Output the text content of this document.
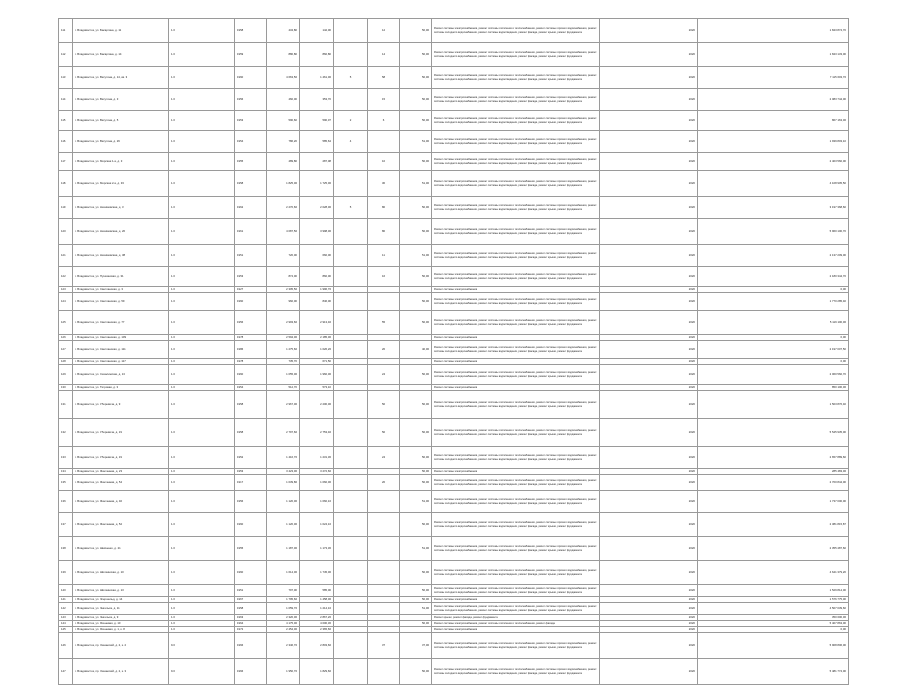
111	г. Владивосток, ул. Басаргина, д. 11	1.0	1958	434,80	142,00		12	50,00	Ремонт системы электроснабжения, ремонт системы отопления и теплоснабжения, ремонт системы горячего водоснабжения, ремонт системы холодного водоснабжения, ремонт системы водоотведения, ремонт фасада, ремонт крыши, ремонт фундамента	2020	1 843 874,70
112	г. Владивосток, ул. Басаргина, д. 14	1.0	1959	880,80	860,80		14	50,00	Ремонт системы электроснабжения, ремонт системы отопления и теплоснабжения, ремонт системы горячего водоснабжения, ремонт системы холодного водоснабжения, ремонт системы водоотведения, ремонт фасада, ремонт крыши, ремонт фундамента	2020	1 843 133,00
113	г. Владивосток, ул. Ватутина, д. 14, кв. 3	1.0	1960	4 663,50	1 461,00	5	58	50,00	Ремонт системы электроснабжения, ремонт системы отопления и теплоснабжения, ремонт системы горячего водоснабжения, ремонт системы холодного водоснабжения, ремонт системы водоотведения, ремонт фасада, ремонт крыши, ремонт фундамента	2020	7 115 603,70
114	г. Владивосток, ул. Ватутина, д. 3	1.0	1956	460,00	353,70		15	50,00	Ремонт системы электроснабжения, ремонт системы отопления и теплоснабжения, ремонт системы горячего водоснабжения, ремонт системы холодного водоснабжения, ремонт системы водоотведения, ремонт фасада, ремонт крыши, ремонт фундамента	2020	2 083 744,00
115	г. Владивосток, ул. Ватутина, д. 5	1.0	1953	590,60	590,07	2	6	50,00	Ремонт системы электроснабжения, ремонт системы отопления и теплоснабжения, ремонт системы горячего водоснабжения, ремонт системы холодного водоснабжения, ремонт системы водоотведения, ремонт фасада, ремонт крыши, ремонт фундамента	2020	867 163,00
116	г. Владивосток, ул. Ватутина, д. 26	1.0	1954	786,20	585,64	4		51,00	Ремонт системы электроснабжения, ремонт системы отопления и теплоснабжения, ремонт системы горячего водоснабжения, ремонт системы холодного водоснабжения, ремонт системы водоотведения, ремонт фасада, ремонт крыши, ремонт фундамента	2020	1 939 803,10
117	г. Владивосток, ул. Морская 1-я, д. 3	1.0	1955	489,80	287,08		10	50,00	Ремонт системы электроснабжения, ремонт системы отопления и теплоснабжения, ремонт системы горячего водоснабжения, ремонт системы холодного водоснабжения, ремонт системы водоотведения, ремонт фасада, ремонт крыши, ремонт фундамента	2020	2 403 560,00
118	г. Владивосток, ул. Морская 2-я, д. 33	1.0	1958	1 825,00	1 725,00		30	51,00	Ремонт системы электроснабжения, ремонт системы отопления и теплоснабжения, ремонт системы горячего водоснабжения, ремонт системы холодного водоснабжения, ремонт системы водоотведения, ремонт фасада, ремонт крыши, ремонт фундамента	2020	4 108 905,50
119	г. Владивосток, ул. Нахимовская, д. 3	1.0	1962	2 270,60	2 028,00	5	80	50,00	Ремонт системы электроснабжения, ремонт системы отопления и теплоснабжения, ремонт системы горячего водоснабжения, ремонт системы холодного водоснабжения, ремонт системы водоотведения, ремонт фасада, ремонт крыши, ремонт фундамента	2020	3 197 368,60
120	г. Владивосток, ул. Нахимовская, д. 20	1.0	1961	4 087,50	3 998,00		80	50,00	Ремонт системы электроснабжения, ремонт системы отопления и теплоснабжения, ремонт системы горячего водоснабжения, ремонт системы холодного водоснабжения, ремонт системы водоотведения, ремонт фасада, ремонт крыши, ремонт фундамента	2020	5 960 100,70
121	г. Владивосток, ул. Нахимовская, д. 38	1.0	1951	720,00	660,00		11	51,00	Ремонт системы электроснабжения, ремонт системы отопления и теплоснабжения, ремонт системы горячего водоснабжения, ремонт системы холодного водоснабжения, ремонт системы водоотведения, ремонт фасада, ремонт крыши, ремонт фундамента	2020	2 137 209,00
122	г. Владивосток, ул. Пушкинская, д. 31	1.0	1953	874,00	860,00		16	50,00	Ремонт системы электроснабжения, ремонт системы отопления и теплоснабжения, ремонт системы горячего водоснабжения, ремонт системы холодного водоснабжения, ремонт системы водоотведения, ремонт фасада, ремонт крыши, ремонт фундамента	2020	2 180 344,70
123	г. Владивосток, ул. Светланская, д. 3	1.0	1927	2 305,50	1 996,70				Ремонт системы электроснабжения	2020	0,00
124	г. Владивосток, ул. Светланская, д. 59	1.0	1960	960,00	846,00			50,00	Ремонт системы электроснабжения, ремонт системы отопления и теплоснабжения, ремонт системы горячего водоснабжения, ремонт системы холодного водоснабжения, ремонт системы водоотведения, ремонт фасада, ремонт крыши, ремонт фундамента	2020	1 770 285,40
125	г. Владивосток, ул. Светланская, д. 77	1.0	1956	2 993,60	2 913,40		55	50,00	Ремонт системы электроснабжения, ремонт системы отопления и теплоснабжения, ремонт системы горячего водоснабжения, ремонт системы холодного водоснабжения, ремонт системы водоотведения, ремонт фасада, ремонт крыши, ремонт фундамента	2020	5 119 100,00
126	г. Владивосток, ул. Светланская, д. 109	1.0	1978	2 594,00	2 185,00				Ремонт системы электроснабжения	2020	0,00
127	г. Владивосток, ул. Светланская, д. 111	1.0	1986	1 275,60	1 026,20		20	40,00	Ремонт системы электроснабжения, ремонт системы отопления и теплоснабжения, ремонт системы горячего водоснабжения, ремонт системы холодного водоснабжения, ремонт системы водоотведения, ремонт фасада, ремонт крыши, ремонт фундамента	2020	2 197 007,50
128	г. Владивосток, ул. Светланская, д. 117	1.0	1978	735,70	671,50				Ремонт системы электроснабжения	2020	0,00
129	г. Владивосток, ул. Сахалинская, д. 13	1.0	1960	1 055,00	1 960,00		24	50,00	Ремонт системы электроснабжения, ремонт системы отопления и теплоснабжения, ремонт системы горячего водоснабжения, ремонт системы холодного водоснабжения, ремонт системы водоотведения, ремонт фасада, ремонт крыши, ремонт фундамента	2020	2 060 560,70
130	г. Владивосток, ул. Тигровая, д. 3	1.0	1954	512,70	573,10				Ремонт системы электроснабжения	2020	850 100,00
131	г. Владивосток, ул. Уборевича, д. 9	1.0	1958	2 967,00	2 200,00		50	50,00	Ремонт системы электроснабжения, ремонт системы отопления и теплоснабжения, ремонт системы горячего водоснабжения, ремонт системы холодного водоснабжения, ремонт системы водоотведения, ремонт фасада, ремонт крыши, ремонт фундамента	2020	1 503 876,40
132	г. Владивосток, ул. Уборевича, д. 19	1.0	1958	2 797,60	2 753,40		50	50,00	Ремонт системы электроснабжения, ремонт системы отопления и теплоснабжения, ремонт системы горячего водоснабжения, ремонт системы холодного водоснабжения, ремонт системы водоотведения, ремонт фасада, ремонт крыши, ремонт фундамента	2020	5 545 935,00
133	г. Владивосток, ул. Уборевича, д. 19	1.0	1952	1 416,70	1 231,30		24	50,00	Ремонт системы электроснабжения, ремонт системы отопления и теплоснабжения, ремонт системы горячего водоснабжения, ремонт системы холодного водоснабжения, ремонт системы водоотведения, ремонт фасада, ремонт крыши, ремонт фундамента	2020	2 657 889,60
134	г. Владивосток, ул. Фонтанная, д. 23	1.0	1953	3 423,00	3 272,60			50,00	Ремонт системы электроснабжения	2020	285 483,00
135	г. Владивосток, ул. Фонтанная, д. 54	1.0	1917	1 039,80	1 060,00		20	50,00	Ремонт системы электроснабжения, ремонт системы отопления и теплоснабжения, ремонт системы горячего водоснабжения, ремонт системы холодного водоснабжения, ремонт системы водоотведения, ремонт фасада, ремонт крыши, ремонт фундамента	2020	2 700 844,00
136	г. Владивосток, ул. Фонтанная, д. 40	1.0	1956	1 120,00	1 060,10			51,00	Ремонт системы электроснабжения, ремонт системы отопления и теплоснабжения, ремонт системы горячего водоснабжения, ремонт системы холодного водоснабжения, ремонт системы водоотведения, ремонт фасада, ремонт крыши, ремонт фундамента	2020	1 737 000,00
137	г. Владивосток, ул. Фонтанная, д. 52	1.0	1960	1 120,00	1 024,10			50,00	Ремонт системы электроснабжения, ремонт системы отопления и теплоснабжения, ремонт системы горячего водоснабжения, ремонт системы холодного водоснабжения, ремонт системы водоотведения, ремонт фасада, ремонт крыши, ремонт фундамента	2020	2 381 815,87
138	г. Владивосток, ул. Шевченко, д. 21	1.0	1955	1 187,00	1 173,30			51,00	Ремонт системы электроснабжения, ремонт системы отопления и теплоснабжения, ремонт системы горячего водоснабжения, ремонт системы холодного водоснабжения, ремонт системы водоотведения, ремонт фасада, ремонт крыши, ремонт фундамента	2020	2 355 487,60
139	г. Владивосток, ул. Шилкинская, д. 10	1.0	1960	1 614,00	1 745,00			50,00	Ремонт системы электроснабжения, ремонт системы отопления и теплоснабжения, ремонт системы горячего водоснабжения, ремонт системы холодного водоснабжения, ремонт системы водоотведения, ремонт фасада, ремонт крыши, ремонт фундамента	2020	4 641 379,20
140	г. Владивосток, ул. Шилкинская, д. 13	1.0	1951	797,00	585,00			50,00	Ремонт системы электроснабжения, ремонт системы отопления и теплоснабжения, ремонт системы горячего водоснабжения, ремонт системы холодного водоснабжения, ремонт системы водоотведения, ремонт фасада, ремонт крыши, ремонт фундамента	2020	1 529 814,00
141	г. Владивосток, ул. Эгершельд, д. 14	1.0	1967	1 795,60	1 458,00			50,00	Ремонт системы электроснабжения	2020	1 576 775,00
142	г. Владивосток, ул. Энгельса, д. 11	1.0	1958	1 059,70	1 214,10			51,00	Ремонт системы электроснабжения, ремонт системы отопления и теплоснабжения, ремонт системы горячего водоснабжения, ремонт системы холодного водоснабжения, ремонт системы водоотведения, ремонт фасада, ремонт крыши, ремонт фундамента	2020	4 507 039,60
143	г. Владивосток, ул. Энгельса, д. 9	1.0	1963	2 320,00	2 867,20				Ремонт крыши, ремонт фасада, ремонт фундамента	2020	350 000,00
144	г. Владивосток, ул. Ясеневая, д. 10	1.0	1964	4 175,00	4 000,30			50,00	Ремонт системы электроснабжения, ремонт системы отопления и теплоснабжения, ремонт фасада	2020	5 407 863,00
145	г. Владивосток, ул. Ясеневая, д. 1, к. 8	1.0	1972	2 454,00	2 365,60				Ремонт системы электроснабжения	2020	0,00
146	г. Владивосток, пр. Океанский, д. 2, к. 2	9.0	1966	2 346,70	2 803,60		37	37,00	Ремонт системы электроснабжения, ремонт системы отопления и теплоснабжения, ремонт системы горячего водоснабжения, ремонт системы холодного водоснабжения, ремонт системы водоотведения, ремонт фасада, ремонт крыши, ремонт фундамента	2020	5 908 806,00
147	г. Владивосток, пр. Океанский, д. 2, к. 3	9.0	1966	1 950,70	1 829,60			50,00	Ремонт системы электроснабжения, ремонт системы отопления и теплоснабжения, ремонт системы горячего водоснабжения, ремонт системы холодного водоснабжения, ремонт системы водоотведения, ремонт фасада, ремонт крыши, ремонт фундамента	2020	5 481 774,00
